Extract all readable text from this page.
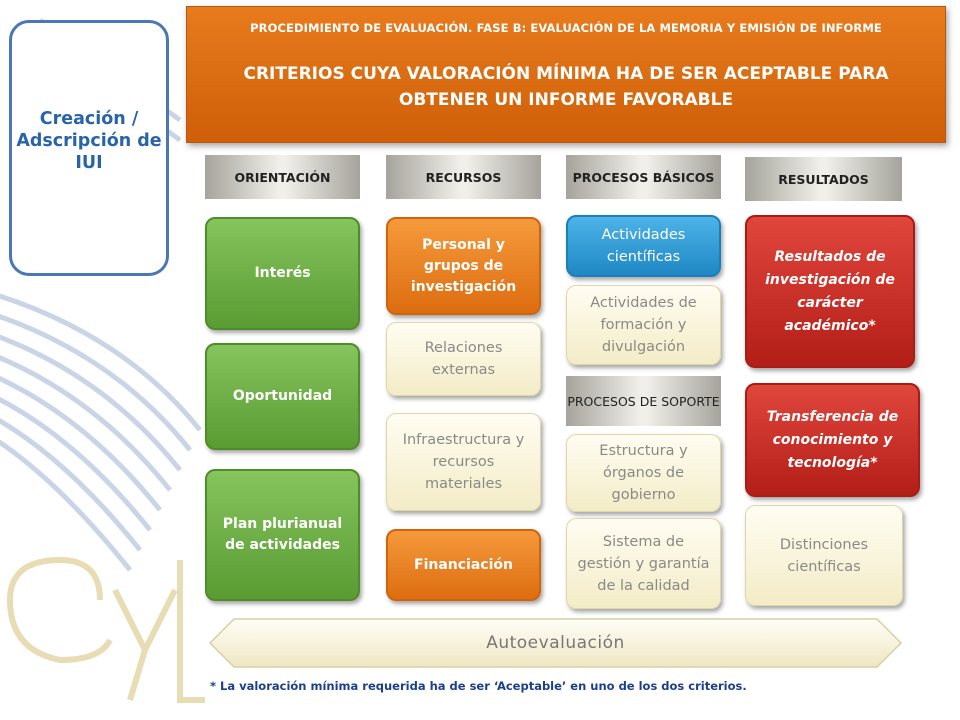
Creación / Adscripción de IUI
PROCEDIMIENTO DE EVALUACIÓN. FASE B: EVALUACIÓN DE LA MEMORIA Y EMISIÓN DE INFORME
CRITERIOS CUYA VALORACIÓN MÍNIMA HA DE SER ACEPTABLE PARA OBTENER UN INFORME FAVORABLE
ORIENTACIÓN	RECURSOS	PROCESOS BÁSICOS	RESULTADOS
Interés
Oportunidad
Plan plurianual de actividades
Personal y grupos de investigación
Relaciones externas
Infraestructura y recursos materiales
Financiación
Actividades científicas
Actividades de formación y divulgación
PROCESOS DE SOPORTE
Estructura y órganos de gobierno
Sistema de gestión y garantía de la calidad
Resultados de investigación de carácter académico*
Transferencia de conocimiento y tecnología*
Distinciones científicas
Autoevaluación
* La valoración mínima requerida ha de ser ‘Aceptable’ en uno de los dos criterios.
